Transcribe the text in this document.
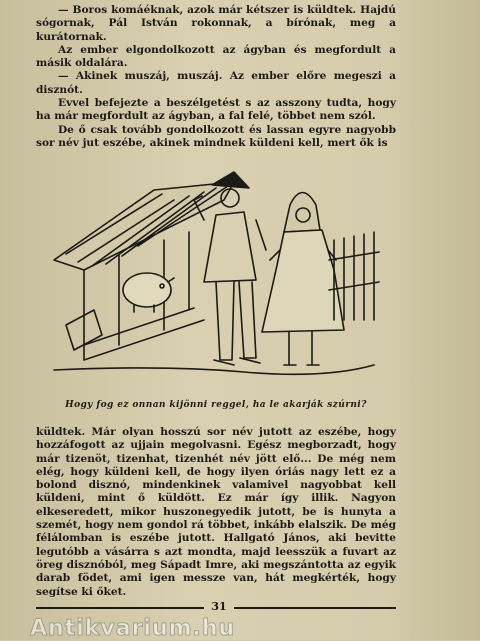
— Boros komáéknak, azok már kétszer is küldtek. Hajdú sógornak, Pál István rokonnak, a bírónak, meg a kurátornak.

Az ember elgondolkozott az ágyban és megfordult a másik oldalára.

— Akinek muszáj, muszáj. Az ember előre megeszi a disznót.

Evvel befejezte a beszélgetést s az asszony tudta, hogy ha már megfordult az ágyban, a fal felé, többet nem szól.

De ő csak tovább gondolkozott és lassan egyre nagyobb sor név jut eszébe, akinek mindnek küldeni kell, mert ők is

Hogy fog ez onnan kijönni reggel, ha le akarják szúrni?

küldtek. Már olyan hosszú sor név jutott az eszébe, hogy hozzáfogott az ujjain megolvasni. Egész megborzadt, hogy már tizenöt, tizenhat, tizenhét név jött elő... De még nem elég, hogy küldeni kell, de hogy ilyen óriás nagy lett ez a bolond disznó, mindenkinek valamivel nagyobbat kell küldeni, mint ő küldött. Ez már így illik. Nagyon elkeseredett, mikor huszonegyedik jutott, be is hunyta a szemét, hogy nem gondol rá többet, inkább elalszik. De még félálomban is eszébe jutott. Hallgató János, aki bevitte legutóbb a vásárra s azt mondta, majd leesszük a fuvart az öreg disznóból, meg Sápadt Imre, aki megszántotta az egyik darab födet, ami igen messze van, hát megkérték, hogy segítse ki őket.

31
Antikvarium.hu
